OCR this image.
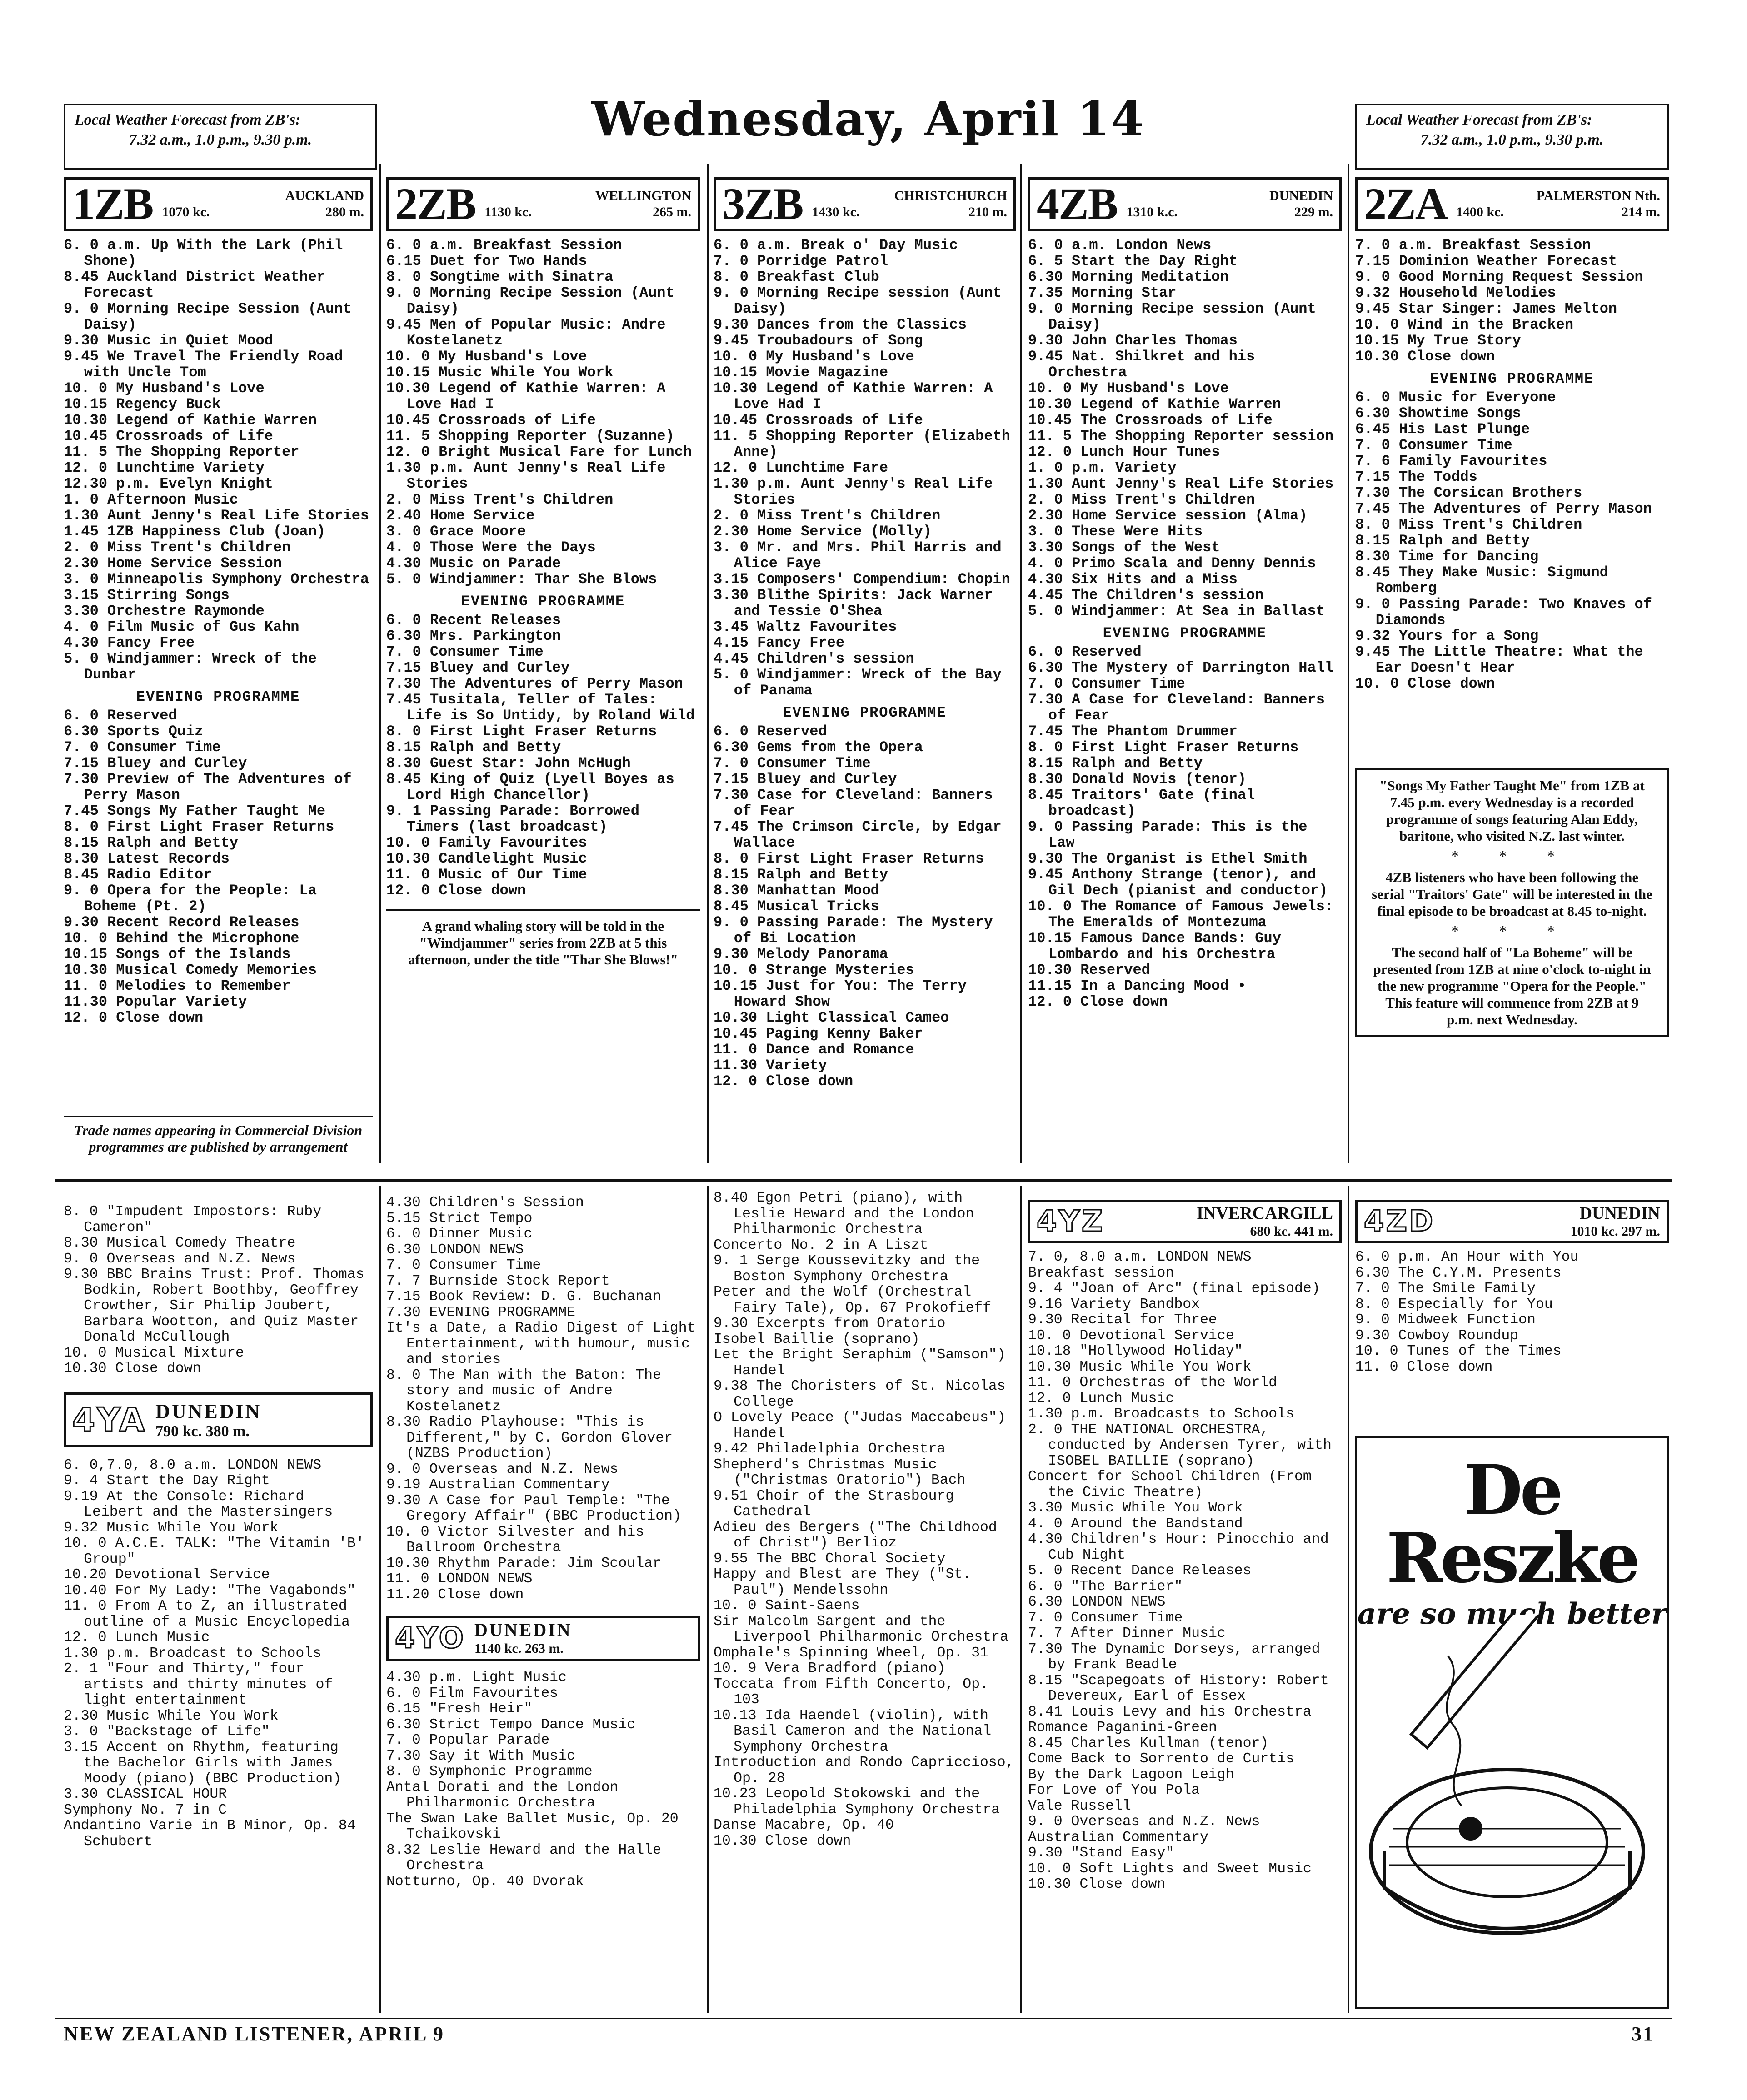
Local Weather Forecast from ZB's:
7.32 a.m., 1.0 p.m., 9.30 p.m.	Wednesday, April 14	Local Weather Forecast from ZB's:
7.32 a.m., 1.0 p.m., 9.30 p.m.
1ZB	AUCKLAND
1070 kc.	280 m.
6. 0 a.m. Up With the Lark (Phil Shone)
8.45 Auckland District Weather Forecast
9. 0 Morning Recipe Session (Aunt Daisy)
9.30 Music in Quiet Mood
9.45 We Travel The Friendly Road with Uncle Tom
10. 0 My Husband's Love
10.15 Regency Buck
10.30 Legend of Kathie Warren
10.45 Crossroads of Life
11. 5 The Shopping Reporter
12. 0 Lunchtime Variety
12.30 p.m. Evelyn Knight
1. 0 Afternoon Music
1.30 Aunt Jenny's Real Life Stories
1.45 1ZB Happiness Club (Joan)
2. 0 Miss Trent's Children
2.30 Home Service Session
3. 0 Minneapolis Symphony Orchestra
3.15 Stirring Songs
3.30 Orchestre Raymonde
4. 0 Film Music of Gus Kahn
4.30 Fancy Free
5. 0 Windjammer: Wreck of the Dunbar
EVENING PROGRAMME
6. 0 Reserved
6.30 Sports Quiz
7. 0 Consumer Time
7.15 Bluey and Curley
7.30 Preview of The Adventures of Perry Mason
7.45 Songs My Father Taught Me
8. 0 First Light Fraser Returns
8.15 Ralph and Betty
8.30 Latest Records
8.45 Radio Editor
9. 0 Opera for the People: La Boheme (Pt. 2)
9.30 Recent Record Releases
10. 0 Behind the Microphone
10.15 Songs of the Islands
10.30 Musical Comedy Memories
11. 0 Melodies to Remember
11.30 Popular Variety
12. 0 Close down
2ZB	WELLINGTON
1130 kc.	265 m.
6. 0 a.m. Breakfast Session
6.15 Duet for Two Hands
8. 0 Songtime with Sinatra
9. 0 Morning Recipe Session (Aunt Daisy)
9.45 Men of Popular Music: Andre Kostelanetz
10. 0 My Husband's Love
10.15 Music While You Work
10.30 Legend of Kathie Warren: A Love Had I
10.45 Crossroads of Life
11. 5 Shopping Reporter (Suzanne)
12. 0 Bright Musical Fare for Lunch
1.30 p.m. Aunt Jenny's Real Life Stories
2. 0 Miss Trent's Children
2.40 Home Service
3. 0 Grace Moore
4. 0 Those Were the Days
4.30 Music on Parade
5. 0 Windjammer: Thar She Blows
EVENING PROGRAMME
6. 0 Recent Releases
6.30 Mrs. Parkington
7. 0 Consumer Time
7.15 Bluey and Curley
7.30 The Adventures of Perry Mason
7.45 Tusitala, Teller of Tales: Life is So Untidy, by Roland Wild
8. 0 First Light Fraser Returns
8.15 Ralph and Betty
8.30 Guest Star: John McHugh
8.45 King of Quiz (Lyell Boyes as Lord High Chancellor)
9. 1 Passing Parade: Borrowed Timers (last broadcast)
10. 0 Family Favourites
10.30 Candlelight Music
11. 0 Music of Our Time
12. 0 Close down
A grand whaling story will be told in the "Windjammer" series from 2ZB at 5 this afternoon, under the title "Thar She Blows!"
3ZB	CHRISTCHURCH
1430 kc.	210 m.
6. 0 a.m. Break o' Day Music
7. 0 Porridge Patrol
8. 0 Breakfast Club
9. 0 Morning Recipe session (Aunt Daisy)
9.30 Dances from the Classics
9.45 Troubadours of Song
10. 0 My Husband's Love
10.15 Movie Magazine
10.30 Legend of Kathie Warren: A Love Had I
10.45 Crossroads of Life
11. 5 Shopping Reporter (Elizabeth Anne)
12. 0 Lunchtime Fare
1.30 p.m. Aunt Jenny's Real Life Stories
2. 0 Miss Trent's Children
2.30 Home Service (Molly)
3. 0 Mr. and Mrs. Phil Harris and Alice Faye
3.15 Composers' Compendium: Chopin
3.30 Blithe Spirits: Jack Warner and Tessie O'Shea
3.45 Waltz Favourites
4.15 Fancy Free
4.45 Children's session
5. 0 Windjammer: Wreck of the Bay of Panama
EVENING PROGRAMME
6. 0 Reserved
6.30 Gems from the Opera
7. 0 Consumer Time
7.15 Bluey and Curley
7.30 Case for Cleveland: Banners of Fear
7.45 The Crimson Circle, by Edgar Wallace
8. 0 First Light Fraser Returns
8.15 Ralph and Betty
8.30 Manhattan Mood
8.45 Musical Tricks
9. 0 Passing Parade: The Mystery of Bi Location
9.30 Melody Panorama
10. 0 Strange Mysteries
10.15 Just for You: The Terry Howard Show
10.30 Light Classical Cameo
10.45 Paging Kenny Baker
11. 0 Dance and Romance
11.30 Variety
12. 0 Close down
4ZB	DUNEDIN
1310 k.c.	229 m.
6. 0 a.m. London News
6. 5 Start the Day Right
6.30 Morning Meditation
7.35 Morning Star
9. 0 Morning Recipe session (Aunt Daisy)
9.30 John Charles Thomas
9.45 Nat. Shilkret and his Orchestra
10. 0 My Husband's Love
10.30 Legend of Kathie Warren
10.45 The Crossroads of Life
11. 5 The Shopping Reporter session
12. 0 Lunch Hour Tunes
1. 0 p.m. Variety
1.30 Aunt Jenny's Real Life Stories
2. 0 Miss Trent's Children
2.30 Home Service session (Alma)
3. 0 These Were Hits
3.30 Songs of the West
4. 0 Primo Scala and Denny Dennis
4.30 Six Hits and a Miss
4.45 The Children's session
5. 0 Windjammer: At Sea in Ballast
EVENING PROGRAMME
6. 0 Reserved
6.30 The Mystery of Darrington Hall
7. 0 Consumer Time
7.30 A Case for Cleveland: Banners of Fear
7.45 The Phantom Drummer
8. 0 First Light Fraser Returns
8.15 Ralph and Betty
8.30 Donald Novis (tenor)
8.45 Traitors' Gate (final broadcast)
9. 0 Passing Parade: This is the Law
9.30 The Organist is Ethel Smith
9.45 Anthony Strange (tenor), and Gil Dech (pianist and conductor)
10. 0 The Romance of Famous Jewels: The Emeralds of Montezuma
10.15 Famous Dance Bands: Guy Lombardo and his Orchestra
10.30 Reserved
11.15 In a Dancing Mood •
12. 0 Close down
2ZA	PALMERSTON Nth.
1400 kc.	214 m.
7. 0 a.m. Breakfast Session
7.15 Dominion Weather Forecast
9. 0 Good Morning Request Session
9.32 Household Melodies
9.45 Star Singer: James Melton
10. 0 Wind in the Bracken
10.15 My True Story
10.30 Close down
EVENING PROGRAMME
6. 0 Music for Everyone
6.30 Showtime Songs
6.45 His Last Plunge
7. 0 Consumer Time
7. 6 Family Favourites
7.15 The Todds
7.30 The Corsican Brothers
7.45 The Adventures of Perry Mason
8. 0 Miss Trent's Children
8.15 Ralph and Betty
8.30 Time for Dancing
8.45 They Make Music: Sigmund Romberg
9. 0 Passing Parade: Two Knaves of Diamonds
9.32 Yours for a Song
9.45 The Little Theatre: What the Ear Doesn't Hear
10. 0 Close down
"Songs My Father Taught Me" from 1ZB at 7.45 p.m. every Wednesday is a recorded programme of songs featuring Alan Eddy, baritone, who visited N.Z. last winter.
* * *
4ZB listeners who have been following the serial "Traitors' Gate" will be interested in the final episode to be broadcast at 8.45 to-night.
* * *
The second half of "La Boheme" will be presented from 1ZB at nine o'clock to-night in the new programme "Opera for the People." This feature will commence from 2ZB at 9 p.m. next Wednesday.
Trade names appearing in Commercial Division programmes are published by arrangement
8. 0 "Impudent Impostors: Ruby Cameron"
8.30 Musical Comedy Theatre
9. 0 Overseas and N.Z. News
9.30 BBC Brains Trust: Prof. Thomas Bodkin, Robert Boothby, Geoffrey Crowther, Sir Philip Joubert, Barbara Wootton, and Quiz Master Donald McCullough
10. 0 Musical Mixture
10.30 Close down
4YA DUNEDIN
790 kc. 380 m.
6. 0,7.0, 8.0 a.m. LONDON NEWS
9. 4 Start the Day Right
9.19 At the Console: Richard Leibert and the Mastersingers
9.32 Music While You Work
10. 0 A.C.E. TALK: "The Vitamin 'B' Group"
10.20 Devotional Service
10.40 For My Lady: "The Vagabonds"
11. 0 From A to Z, an illustrated outline of a Music Encyclopedia
12. 0 Lunch Music
1.30 p.m. Broadcast to Schools
2. 1 "Four and Thirty," four artists and thirty minutes of light entertainment
2.30 Music While You Work
3. 0 "Backstage of Life"
3.15 Accent on Rhythm, featuring the Bachelor Girls with James Moody (piano) (BBC Production)
3.30 CLASSICAL HOUR
Symphony No. 7 in C
Andantino Varie in B Minor, Op. 84 Schubert
4.30 Children's Session
5.15 Strict Tempo
6. 0 Dinner Music
6.30 LONDON NEWS
7. 0 Consumer Time
7. 7 Burnside Stock Report
7.15 Book Review: D. G. Buchanan
7.30 EVENING PROGRAMME
It's a Date, a Radio Digest of Light Entertainment, with humour, music and stories
8. 0 The Man with the Baton: The story and music of Andre Kostelanetz
8.30 Radio Playhouse: "This is Different," by C. Gordon Glover (NZBS Production)
9. 0 Overseas and N.Z. News
9.19 Australian Commentary
9.30 A Case for Paul Temple: "The Gregory Affair" (BBC Production)
10. 0 Victor Silvester and his Ballroom Orchestra
10.30 Rhythm Parade: Jim Scoular
11. 0 LONDON NEWS
11.20 Close down
4YO DUNEDIN
1140 kc. 263 m.
4.30 p.m. Light Music
6. 0 Film Favourites
6.15 "Fresh Heir"
6.30 Strict Tempo Dance Music
7. 0 Popular Parade
7.30 Say it With Music
8. 0 Symphonic Programme
Antal Dorati and the London Philharmonic Orchestra
The Swan Lake Ballet Music, Op. 20 Tchaikovski
8.32 Leslie Heward and the Halle Orchestra
Notturno, Op. 40 Dvorak
8.40 Egon Petri (piano), with Leslie Heward and the London Philharmonic Orchestra
Concerto No. 2 in A Liszt
9. 1 Serge Koussevitzky and the Boston Symphony Orchestra
Peter and the Wolf (Orchestral Fairy Tale), Op. 67 Prokofieff
9.30 Excerpts from Oratorio
Isobel Baillie (soprano)
Let the Bright Seraphim ("Samson") Handel
9.38 The Choristers of St. Nicolas College
O Lovely Peace ("Judas Maccabeus") Handel
9.42 Philadelphia Orchestra
Shepherd's Christmas Music ("Christmas Oratorio") Bach
9.51 Choir of the Strasbourg Cathedral
Adieu des Bergers ("The Childhood of Christ") Berlioz
9.55 The BBC Choral Society
Happy and Blest are They ("St. Paul") Mendelssohn
10. 0 Saint-Saens
Sir Malcolm Sargent and the Liverpool Philharmonic Orchestra
Omphale's Spinning Wheel, Op. 31
10. 9 Vera Bradford (piano)
Toccata from Fifth Concerto, Op. 103
10.13 Ida Haendel (violin), with Basil Cameron and the National Symphony Orchestra
Introduction and Rondo Capriccioso, Op. 28
10.23 Leopold Stokowski and the Philadelphia Symphony Orchestra
Danse Macabre, Op. 40
10.30 Close down
4YZ	INVERCARGILL
680 kc. 441 m.
7. 0, 8.0 a.m. LONDON NEWS
Breakfast session
9. 4 "Joan of Arc" (final episode)
9.16 Variety Bandbox
9.30 Recital for Three
10. 0 Devotional Service
10.18 "Hollywood Holiday"
10.30 Music While You Work
11. 0 Orchestras of the World
12. 0 Lunch Music
1.30 p.m. Broadcasts to Schools
2. 0 THE NATIONAL ORCHESTRA, conducted by Andersen Tyrer, with ISOBEL BAILLIE (soprano)
Concert for School Children (From the Civic Theatre)
3.30 Music While You Work
4. 0 Around the Bandstand
4.30 Children's Hour: Pinocchio and Cub Night
5. 0 Recent Dance Releases
6. 0 "The Barrier"
6.30 LONDON NEWS
7. 0 Consumer Time
7. 7 After Dinner Music
7.30 The Dynamic Dorseys, arranged by Frank Beadle
8.15 "Scapegoats of History: Robert Devereux, Earl of Essex
8.41 Louis Levy and his Orchestra
Romance Paganini-Green
8.45 Charles Kullman (tenor)
Come Back to Sorrento de Curtis
By the Dark Lagoon Leigh
For Love of You Pola
Vale Russell
9. 0 Overseas and N.Z. News
Australian Commentary
9.30 "Stand Easy"
10. 0 Soft Lights and Sweet Music
10.30 Close down
4ZD	DUNEDIN
1010 kc. 297 m.
6. 0 p.m. An Hour with You
6.30 The C.Y.M. Presents
7. 0 The Smile Family
8. 0 Especially for You
9. 0 Midweek Function
9.30 Cowboy Roundup
10. 0 Tunes of the Times
11. 0 Close down
De Reszke
are so much better
NEW ZEALAND LISTENER, APRIL 9	31
